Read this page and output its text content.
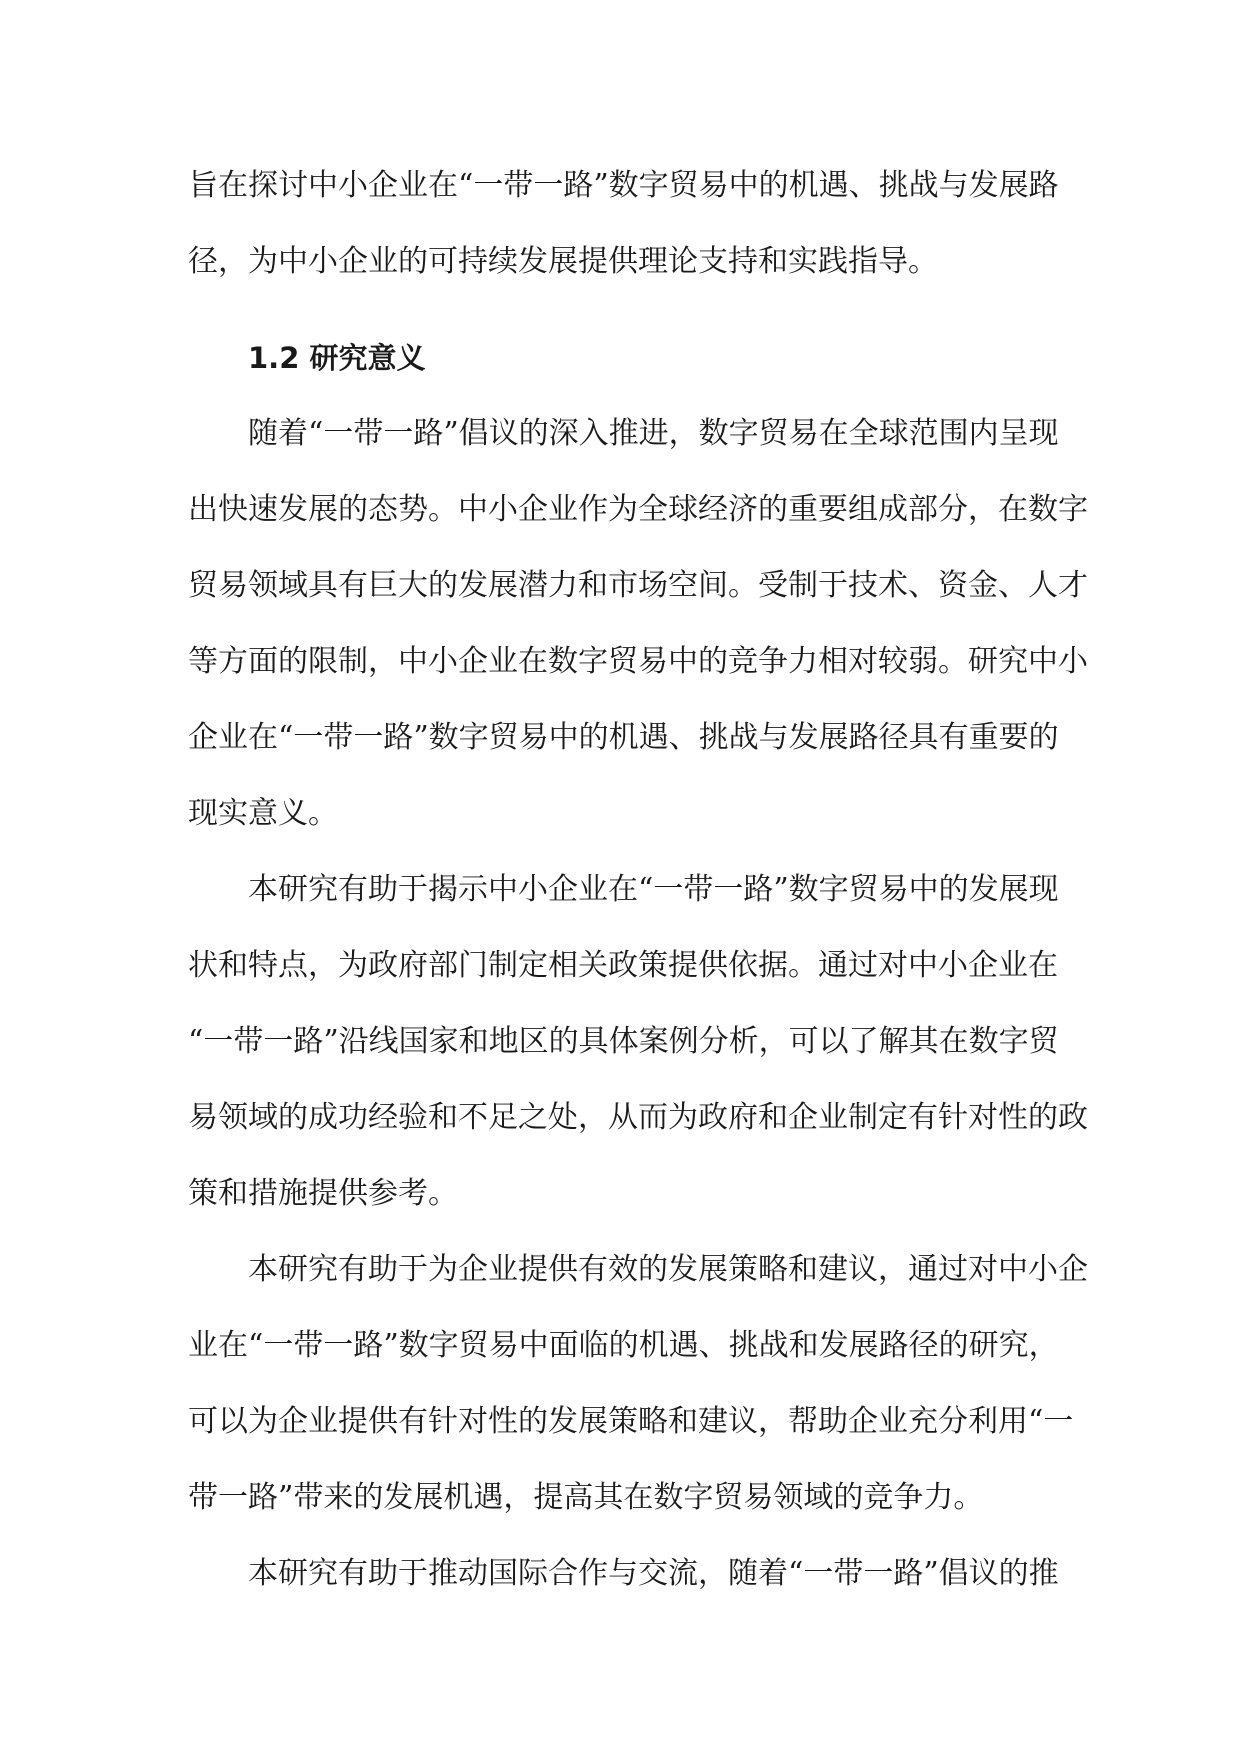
旨在探讨中小企业在“一带一路”数字贸易中的机遇、挑战与发展路
径，为中小企业的可持续发展提供理论支持和实践指导。
1.2 研究意义
随着“一带一路”倡议的深入推进，数字贸易在全球范围内呈现
出快速发展的态势。中小企业作为全球经济的重要组成部分，在数字
贸易领域具有巨大的发展潜力和市场空间。受制于技术、资金、人才
等方面的限制，中小企业在数字贸易中的竞争力相对较弱。研究中小
企业在“一带一路”数字贸易中的机遇、挑战与发展路径具有重要的
现实意义。
本研究有助于揭示中小企业在“一带一路”数字贸易中的发展现
状和特点，为政府部门制定相关政策提供依据。通过对中小企业在
“一带一路”沿线国家和地区的具体案例分析，可以了解其在数字贸
易领域的成功经验和不足之处，从而为政府和企业制定有针对性的政
策和措施提供参考。
本研究有助于为企业提供有效的发展策略和建议，通过对中小企
业在“一带一路”数字贸易中面临的机遇、挑战和发展路径的研究，
可以为企业提供有针对性的发展策略和建议，帮助企业充分利用“一
带一路”带来的发展机遇，提高其在数字贸易领域的竞争力。
本研究有助于推动国际合作与交流，随着“一带一路”倡议的推
